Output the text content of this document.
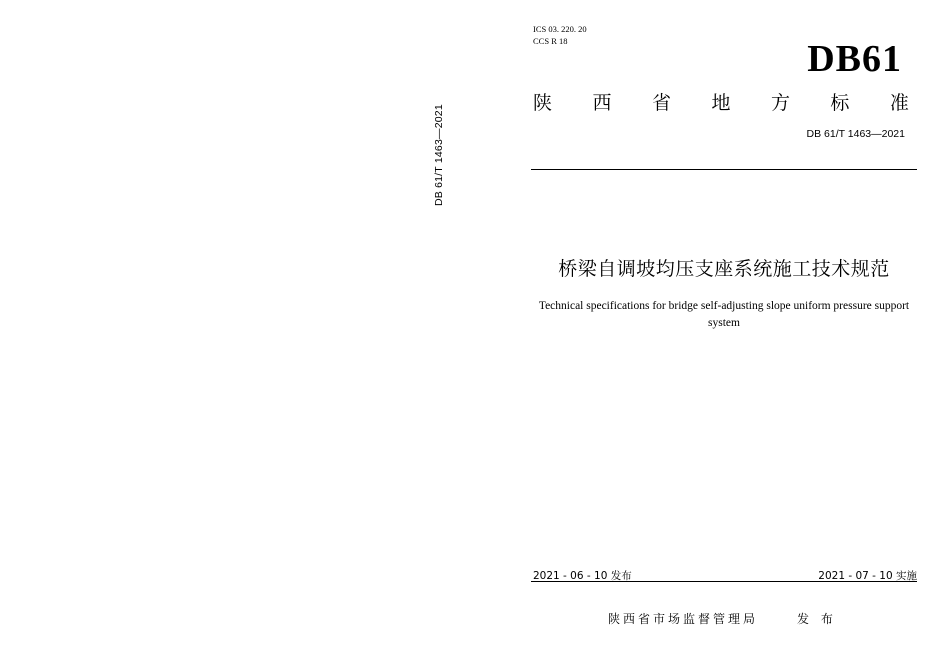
DB 61/T 1463—2021
ICS 03. 220. 20
CCS R 18	DB61
陕 西 省 地 方 标 准
DB 61/T 1463—2021
桥梁自调坡均压支座系统施工技术规范
Technical specifications for bridge self-adjusting slope uniform pressure support
system
2021 - 06 - 10 发布	2021 - 07 - 10 实施
陕西省市场监督管理局	发 布
